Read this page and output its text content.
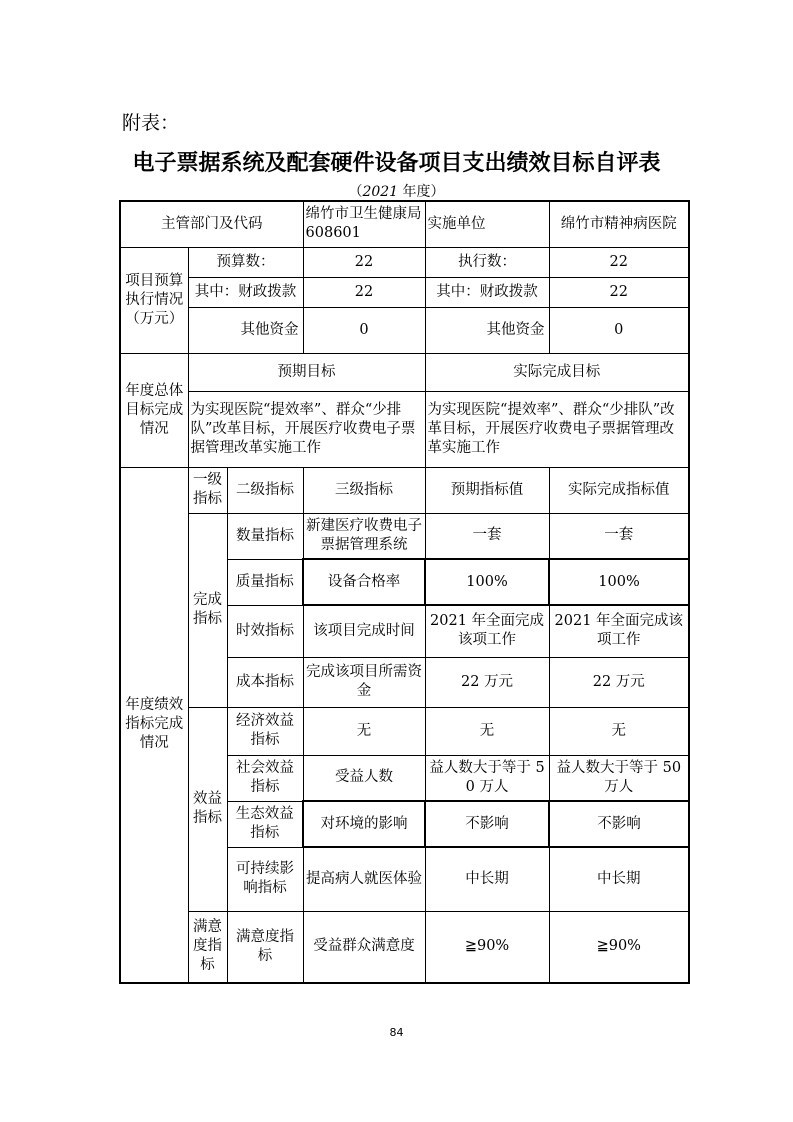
附表：
电子票据系统及配套硬件设备项目支出绩效目标自评表
（2021 年度）
主管部门及代码			绵竹市卫生健康局 608601	实施单位	绵竹市精神病医院
项目预算执行情况（万元）	预算数：		22	执行数：	22
	其中：财政拨款		22	其中：财政拨款	22
	其他资金		0	其他资金	0
年度总体目标完成情况	预期目标			实际完成目标	
	为实现医院“提效率”、群众“少排队”改革目标，开展医疗收费电子票据管理改革实施工作			为实现医院“提效率”、群众“少排队”改革目标，开展医疗收费电子票据管理改革实施工作	
年度绩效指标完成情况	一级指标	二级指标	三级指标	预期指标值	实际完成指标值
	完成指标	数量指标	新建医疗收费电子票据管理系统	一套	一套
		质量指标	设备合格率	100%	100%
		时效指标	该项目完成时间	2021 年全面完成该项工作	2021 年全面完成该项工作
		成本指标	完成该项目所需资金	22 万元	22 万元
	效益指标	经济效益指标	无	无	无
		社会效益指标	受益人数	益人数大于等于 50 万人	益人数大于等于 50 万人
		生态效益指标	对环境的影响	不影响	不影响
		可持续影响指标	提高病人就医体验	中长期	中长期
	满意度指标	满意度指标	受益群众满意度	≧90%	≧90%
84
